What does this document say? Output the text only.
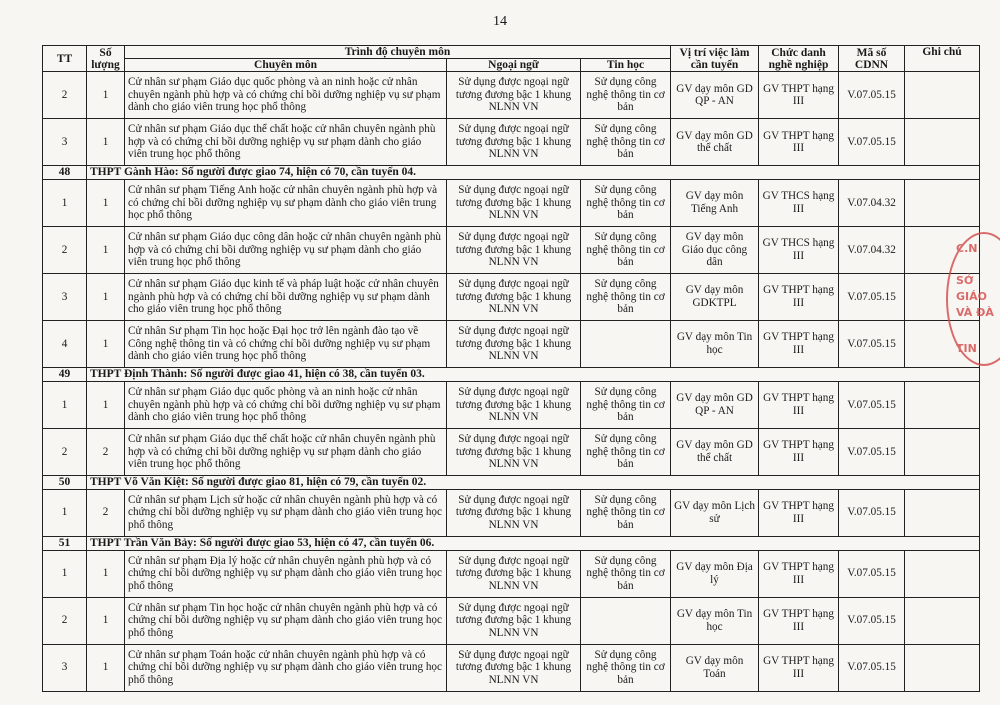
14
TT	Số lượng	Trình độ chuyên môn			Vị trí việc làm cần tuyển	Chức danh nghề nghiệp	Mã số CDNN	Ghi chú
		Chuyên môn	Ngoại ngữ	Tin học				
2	1	Cử nhân sư phạm Giáo dục quốc phòng và an ninh hoặc cử nhân chuyên ngành phù hợp và có chứng chỉ bồi dưỡng nghiệp vụ sư phạm dành cho giáo viên trung học phổ thông	Sử dụng được ngoại ngữ tương đương bậc 1 khung NLNN VN	Sử dụng công nghệ thông tin cơ bản	GV dạy môn GD QP - AN	GV THPT hạng III	V.07.05.15	
3	1	Cử nhân sư phạm Giáo dục thể chất hoặc cử nhân chuyên ngành phù hợp và có chứng chỉ bồi dưỡng nghiệp vụ sư phạm dành cho giáo viên trung học phổ thông	Sử dụng được ngoại ngữ tương đương bậc 1 khung NLNN VN	Sử dụng công nghệ thông tin cơ bản	GV dạy môn GD thể chất	GV THPT hạng III	V.07.05.15	
48	THPT Gành Hào: Số người được giao 74, hiện có 70, cần tuyển 04.							
1	1	Cử nhân sư phạm Tiếng Anh hoặc cử nhân chuyên ngành phù hợp và có chứng chỉ bồi dưỡng nghiệp vụ sư phạm dành cho giáo viên trung học phổ thông	Sử dụng được ngoại ngữ tương đương bậc 1 khung NLNN VN	Sử dụng công nghệ thông tin cơ bản	GV dạy môn Tiếng Anh	GV THCS hạng III	V.07.04.32	
2	1	Cử nhân sư phạm Giáo dục công dân hoặc cử nhân chuyên ngành phù hợp và có chứng chỉ bồi dưỡng nghiệp vụ sư phạm dành cho giáo viên trung học phổ thông	Sử dụng được ngoại ngữ tương đương bậc 1 khung NLNN VN	Sử dụng công nghệ thông tin cơ bản	GV dạy môn Giáo dục công dân	GV THCS hạng III	V.07.04.32	
3	1	Cử nhân sư phạm Giáo dục kinh tế và pháp luật hoặc cử nhân chuyên ngành phù hợp và có chứng chỉ bồi dưỡng nghiệp vụ sư phạm dành cho giáo viên trung học phổ thông	Sử dụng được ngoại ngữ tương đương bậc 1 khung NLNN VN	Sử dụng công nghệ thông tin cơ bản	GV dạy môn GDKTPL	GV THPT hạng III	V.07.05.15	
4	1	Cử nhân Sư phạm Tin học hoặc Đại học trở lên ngành đào tạo về Công nghệ thông tin và có chứng chỉ bồi dưỡng nghiệp vụ sư phạm dành cho giáo viên trung học phổ thông	Sử dụng được ngoại ngữ tương đương bậc 1 khung NLNN VN		GV dạy môn Tin học	GV THPT hạng III	V.07.05.15	
49	THPT Định Thành: Số người được giao 41, hiện có 38, cần tuyển 03.							
1	1	Cử nhân sư phạm Giáo dục quốc phòng và an ninh hoặc cử nhân chuyên ngành phù hợp và có chứng chỉ bồi dưỡng nghiệp vụ sư phạm dành cho giáo viên trung học phổ thông	Sử dụng được ngoại ngữ tương đương bậc 1 khung NLNN VN	Sử dụng công nghệ thông tin cơ bản	GV dạy môn GD QP - AN	GV THPT hạng III	V.07.05.15	
2	2	Cử nhân sư phạm Giáo dục thể chất hoặc cử nhân chuyên ngành phù hợp và có chứng chỉ bồi dưỡng nghiệp vụ sư phạm dành cho giáo viên trung học phổ thông	Sử dụng được ngoại ngữ tương đương bậc 1 khung NLNN VN	Sử dụng công nghệ thông tin cơ bản	GV dạy môn GD thể chất	GV THPT hạng III	V.07.05.15	
50	THPT Võ Văn Kiệt: Số người được giao 81, hiện có 79, cần tuyển 02.							
1	2	Cử nhân sư phạm Lịch sử hoặc cử nhân chuyên ngành phù hợp và có chứng chỉ bồi dưỡng nghiệp vụ sư phạm dành cho giáo viên trung học phổ thông	Sử dụng được ngoại ngữ tương đương bậc 1 khung NLNN VN	Sử dụng công nghệ thông tin cơ bản	GV dạy môn Lịch sử	GV THPT hạng III	V.07.05.15	
51	THPT Trần Văn Bảy: Số người được giao 53, hiện có 47, cần tuyển 06.							
1	1	Cử nhân sư phạm Địa lý hoặc cử nhân chuyên ngành phù hợp và có chứng chỉ bồi dưỡng nghiệp vụ sư phạm dành cho giáo viên trung học phổ thông	Sử dụng được ngoại ngữ tương đương bậc 1 khung NLNN VN	Sử dụng công nghệ thông tin cơ bản	GV dạy môn Địa lý	GV THPT hạng III	V.07.05.15	
2	1	Cử nhân sư phạm Tin học hoặc cử nhân chuyên ngành phù hợp và có chứng chỉ bồi dưỡng nghiệp vụ sư phạm dành cho giáo viên trung học phổ thông	Sử dụng được ngoại ngữ tương đương bậc 1 khung NLNN VN		GV dạy môn Tin học	GV THPT hạng III	V.07.05.15	
3	1	Cử nhân sư phạm Toán hoặc cử nhân chuyên ngành phù hợp và có chứng chỉ bồi dưỡng nghiệp vụ sư phạm dành cho giáo viên trung học phổ thông	Sử dụng được ngoại ngữ tương đương bậc 1 khung NLNN VN	Sử dụng công nghệ thông tin cơ bản	GV dạy môn Toán	GV THPT hạng III	V.07.05.15	
C.N
SỞ
GIÁO
VÀ ĐÀ
TIN
